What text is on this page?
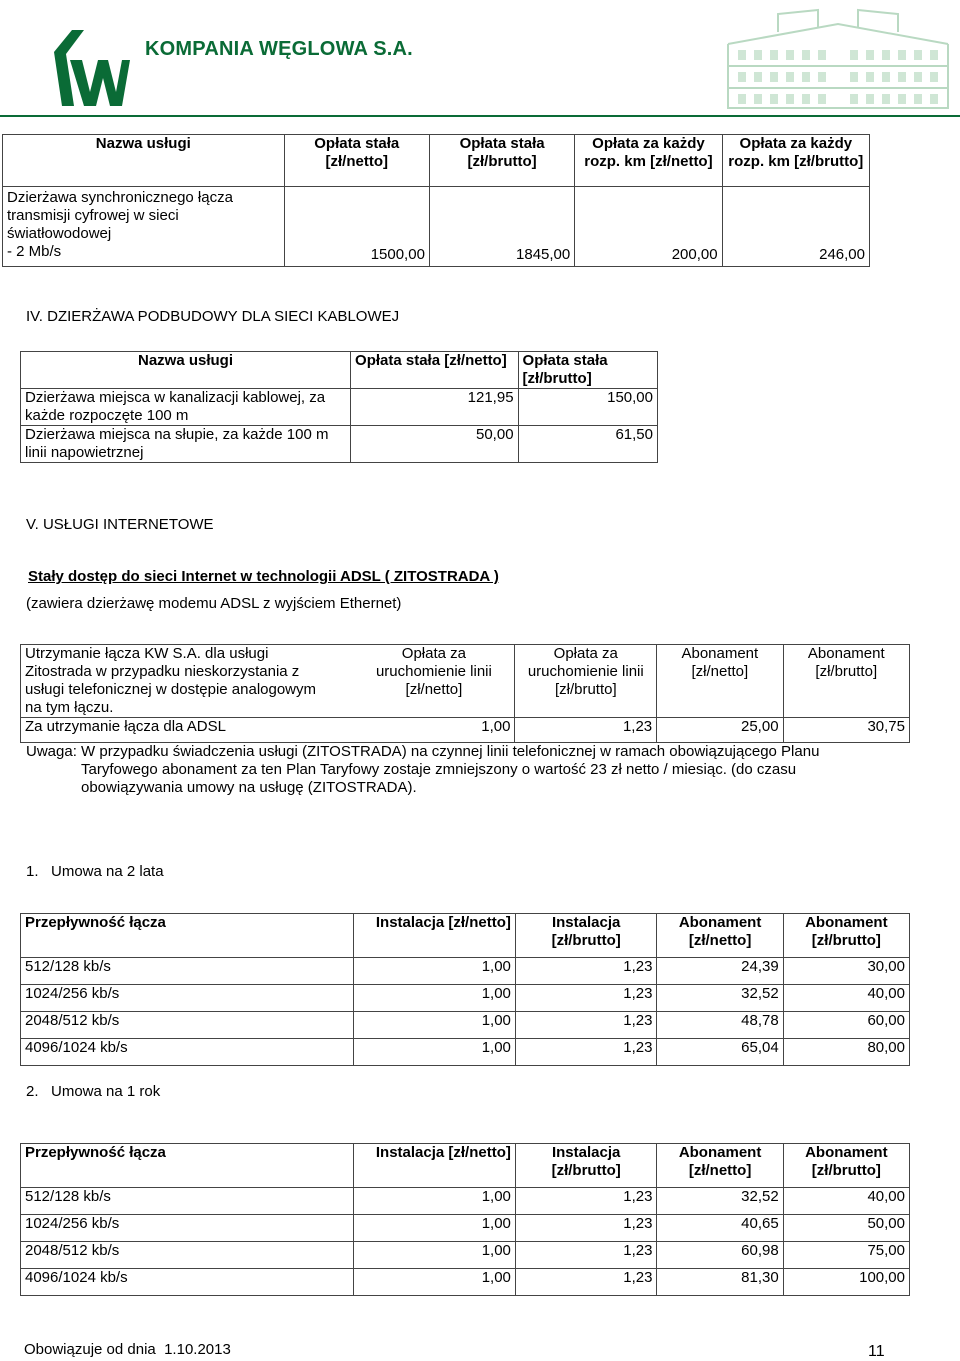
KOMPANIA WĘGLOWA S.A.
Nazwa usługi	Opłata stała [zł/netto]	Opłata stała [zł/brutto]	Opłata za każdy rozp. km [zł/netto]	Opłata za każdy rozp. km [zł/brutto]

Dzierżawa synchronicznego łącza
transmisji cyfrowej w sieci
światłowodowej
- 2 Mb/s	1500,00	1845,00	200,00	246,00
IV. DZIERŻAWA PODBUDOWY DLA SIECI KABLOWEJ
Nazwa usługi	Opłata stała [zł/netto]	Opłata stała [zł/brutto]

Dzierżawa miejsca w kanalizacji kablowej, za
każde rozpoczęte 100 m	121,95	150,00

Dzierżawa miejsca na słupie, za każde 100 m
linii napowietrznej	50,00	61,50
V. USŁUGI INTERNETOWE
Stały dostęp do sieci Internet w technologii ADSL ( ZITOSTRADA )
(zawiera dzierżawę modemu ADSL z wyjściem Ethernet)
Utrzymanie łącza KW S.A. dla usługi
Zitostrada w przypadku nieskorzystania z
usługi telefonicznej w dostępie analogowym
na tym łączu.	Opłata za uruchomienie linii [zł/netto]	Opłata za uruchomienie linii [zł/brutto]	Abonament [zł/netto]	Abonament [zł/brutto]
Za utrzymanie łącza dla ADSL	1,00	1,23	25,00	30,75
Uwaga: W przypadku świadczenia usługi (ZITOSTRADA) na czynnej linii telefonicznej w ramach obowiązującego Planu
Taryfowego abonament za ten Plan Taryfowy zostaje zmniejszony o wartość 23 zł netto / miesiąc. (do czasu
obowiązywania umowy na usługę (ZITOSTRADA).
1.   Umowa na 2 lata
Przepływność łącza	Instalacja [zł/netto]	Instalacja [zł/brutto]	Abonament [zł/netto]	Abonament [zł/brutto]
512/128 kb/s	1,00	1,23	24,39	30,00
1024/256 kb/s	1,00	1,23	32,52	40,00
2048/512 kb/s	1,00	1,23	48,78	60,00
4096/1024 kb/s	1,00	1,23	65,04	80,00
2.   Umowa na 1 rok
Przepływność łącza	Instalacja [zł/netto]	Instalacja [zł/brutto]	Abonament [zł/netto]	Abonament [zł/brutto]
512/128 kb/s	1,00	1,23	32,52	40,00
1024/256 kb/s	1,00	1,23	40,65	50,00
2048/512 kb/s	1,00	1,23	60,98	75,00
4096/1024 kb/s	1,00	1,23	81,30	100,00
Obowiązuje od dnia  1.10.2013	11
